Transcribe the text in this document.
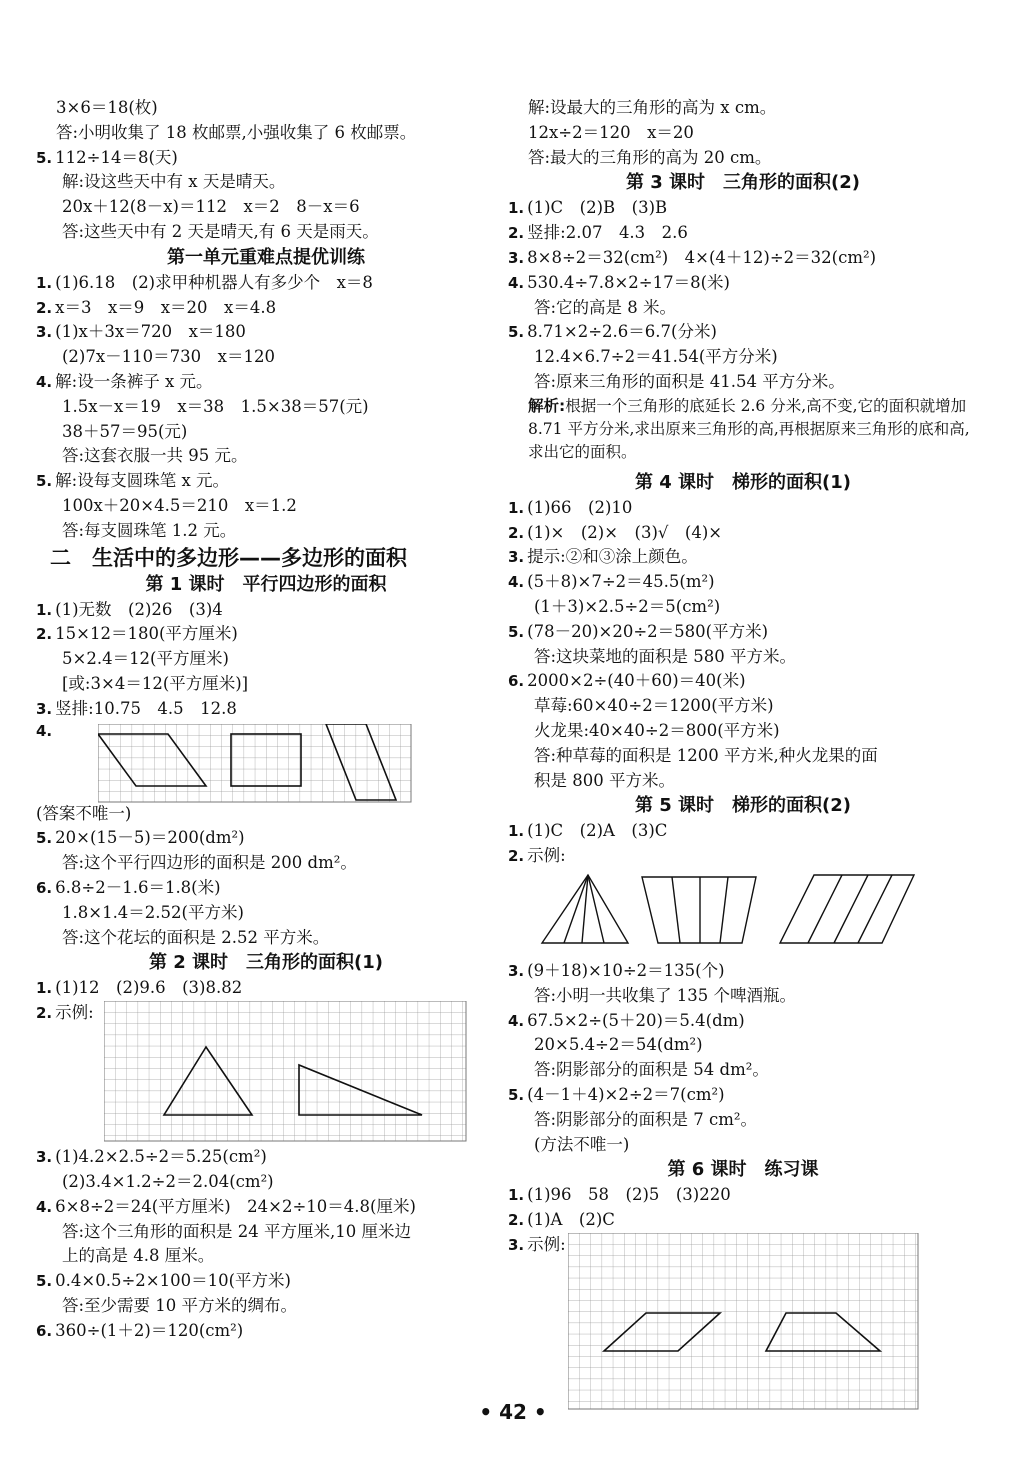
3×6＝18(枚)
答:小明收集了 18 枚邮票,小强收集了 6 枚邮票。
5. 112÷14＝8(天)
解:设这些天中有 x 天是晴天。
20x＋12(8－x)＝112　x＝2　8－x＝6
答:这些天中有 2 天是晴天,有 6 天是雨天。
第一单元重难点提优训练
1. (1)6.18　(2)求甲种机器人有多少个　x＝8
2. x＝3　x＝9　x＝20　x＝4.8
3. (1)x＋3x＝720　x＝180
(2)7x－110＝730　x＝120
4. 解:设一条裤子 x 元。
1.5x－x＝19　x＝38　1.5×38＝57(元)
38＋57＝95(元)
答:这套衣服一共 95 元。
5. 解:设每支圆珠笔 x 元。
100x＋20×4.5＝210　x＝1.2
答:每支圆珠笔 1.2 元。
二　生活中的多边形——多边形的面积
第 1 课时　平行四边形的面积
1. (1)无数　(2)26　(3)4
2. 15×12＝180(平方厘米)
5×2.4＝12(平方厘米)
[或:3×4＝12(平方厘米)]
3. 竖排:10.75　4.5　12.8
4.
(答案不唯一)
5. 20×(15－5)＝200(dm²)
答:这个平行四边形的面积是 200 dm²。
6. 6.8÷2－1.6＝1.8(米)
1.8×1.4＝2.52(平方米)
答:这个花坛的面积是 2.52 平方米。
第 2 课时　三角形的面积(1)
1. (1)12　(2)9.6　(3)8.82
2. 示例:
3. (1)4.2×2.5÷2＝5.25(cm²)
(2)3.4×1.2÷2＝2.04(cm²)
4. 6×8÷2＝24(平方厘米)　24×2÷10＝4.8(厘米)
答:这个三角形的面积是 24 平方厘米,10 厘米边
上的高是 4.8 厘米。
5. 0.4×0.5÷2×100＝10(平方米)
答:至少需要 10 平方米的绸布。
6. 360÷(1＋2)＝120(cm²)
解:设最大的三角形的高为 x cm。
12x÷2＝120　x＝20
答:最大的三角形的高为 20 cm。
第 3 课时　三角形的面积(2)
1. (1)C　(2)B　(3)B
2. 竖排:2.07　4.3　2.6
3. 8×8÷2＝32(cm²)　4×(4＋12)÷2＝32(cm²)
4. 530.4÷7.8×2÷17＝8(米)
答:它的高是 8 米。
5. 8.71×2÷2.6＝6.7(分米)
12.4×6.7÷2＝41.54(平方分米)
答:原来三角形的面积是 41.54 平方分米。
解析:根据一个三角形的底延长 2.6 分米,高不变,它的面积就增加 8.71 平方分米,求出原来三角形的高,再根据原来三角形的底和高,求出它的面积。
第 4 课时　梯形的面积(1)
1. (1)66　(2)10
2. (1)×　(2)×　(3)√　(4)×
3. 提示:②和③涂上颜色。
4. (5＋8)×7÷2＝45.5(m²)
(1＋3)×2.5÷2＝5(cm²)
5. (78－20)×20÷2＝580(平方米)
答:这块菜地的面积是 580 平方米。
6. 2000×2÷(40＋60)＝40(米)
草莓:60×40÷2＝1200(平方米)
火龙果:40×40÷2＝800(平方米)
答:种草莓的面积是 1200 平方米,种火龙果的面
积是 800 平方米。
第 5 课时　梯形的面积(2)
1. (1)C　(2)A　(3)C
2. 示例:
3. (9＋18)×10÷2＝135(个)
答:小明一共收集了 135 个啤酒瓶。
4. 67.5×2÷(5＋20)＝5.4(dm)
20×5.4÷2＝54(dm²)
答:阴影部分的面积是 54 dm²。
5. (4－1＋4)×2÷2＝7(cm²)
答:阴影部分的面积是 7 cm²。
(方法不唯一)
第 6 课时　练习课
1. (1)96　58　(2)5　(3)220
2. (1)A　(2)C
3. 示例:
• 42 •
